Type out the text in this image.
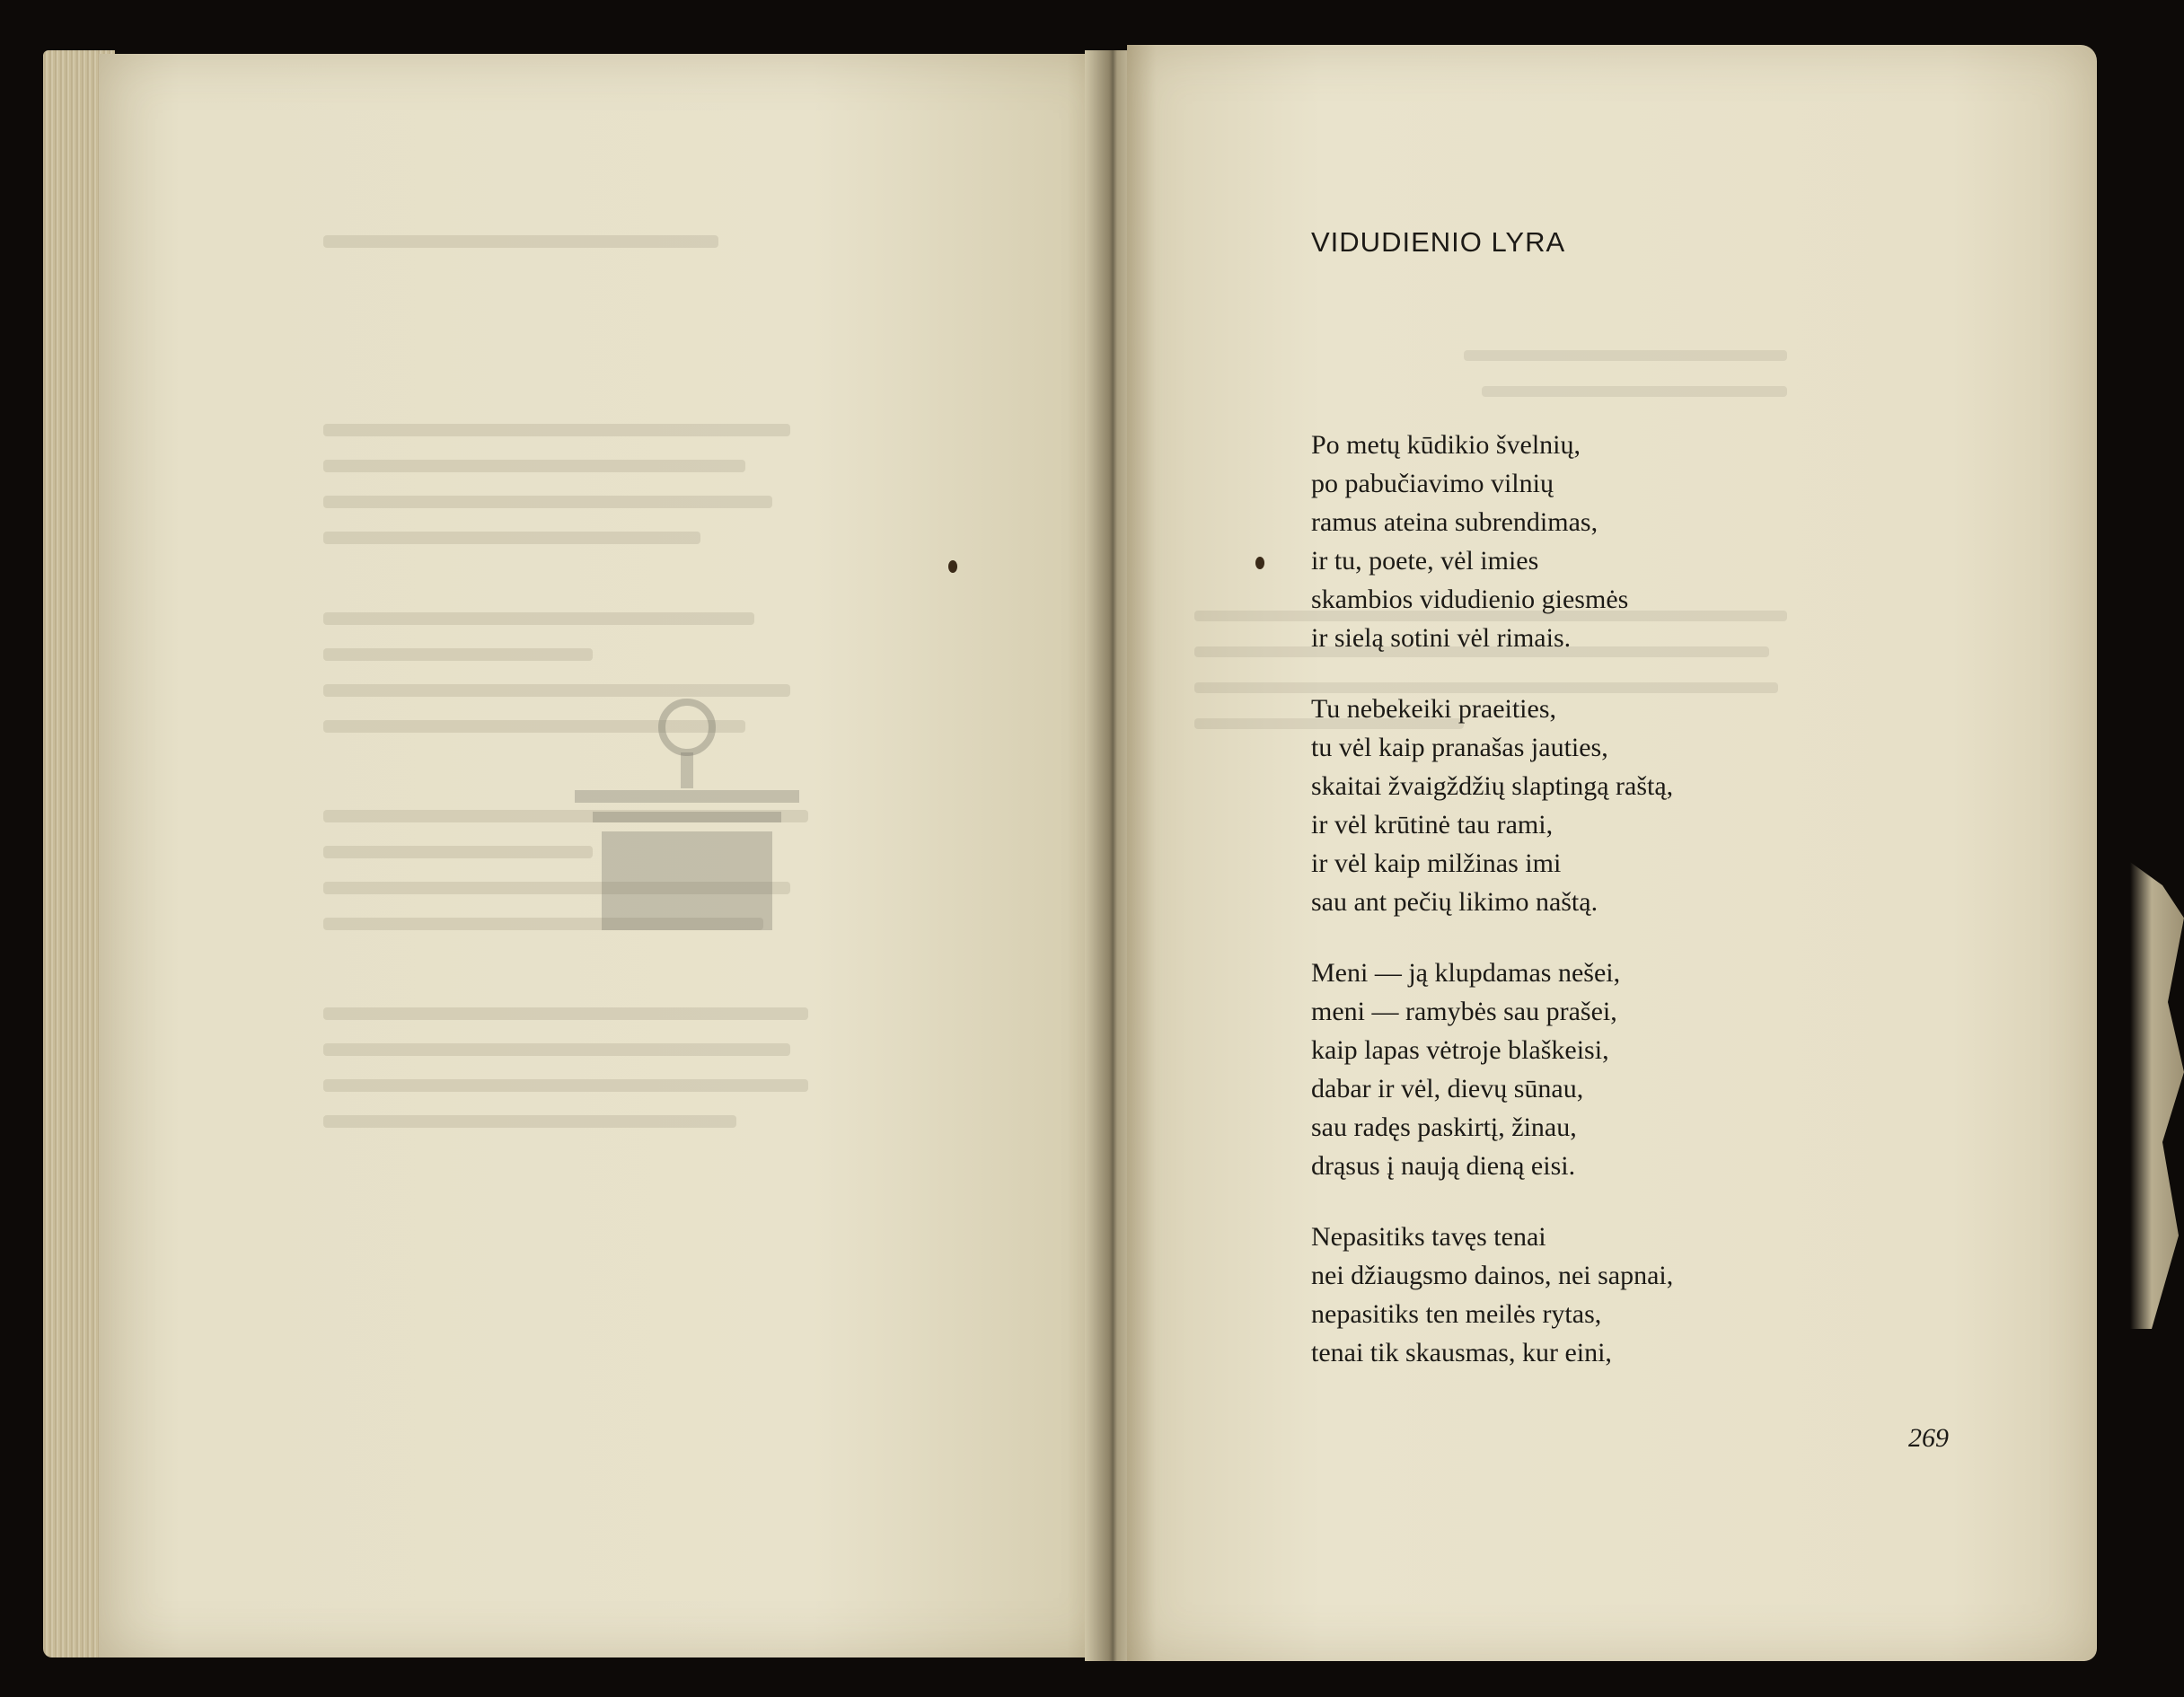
VIDUDIENIO LYRA
Po metų kūdikio švelnių,
po pabučiavimo vilnių
ramus ateina subrendimas,
ir tu, poete, vėl imies
skambios vidudienio giesmės
ir sielą sotini vėl rimais.
Tu nebekeiki praeities,
tu vėl kaip pranašas jauties,
skaitai žvaigždžių slaptingą raštą,
ir vėl krūtinė tau rami,
ir vėl kaip milžinas imi
sau ant pečių likimo naštą.
Meni — ją klupdamas nešei,
meni — ramybės sau prašei,
kaip lapas vėtroje blaškeisi,
dabar ir vėl, dievų sūnau,
sau radęs paskirtį, žinau,
drąsus į naują dieną eisi.
Nepasitiks tavęs tenai
nei džiaugsmo dainos, nei sapnai,
nepasitiks ten meilės rytas,
tenai tik skausmas, kur eini,
269
